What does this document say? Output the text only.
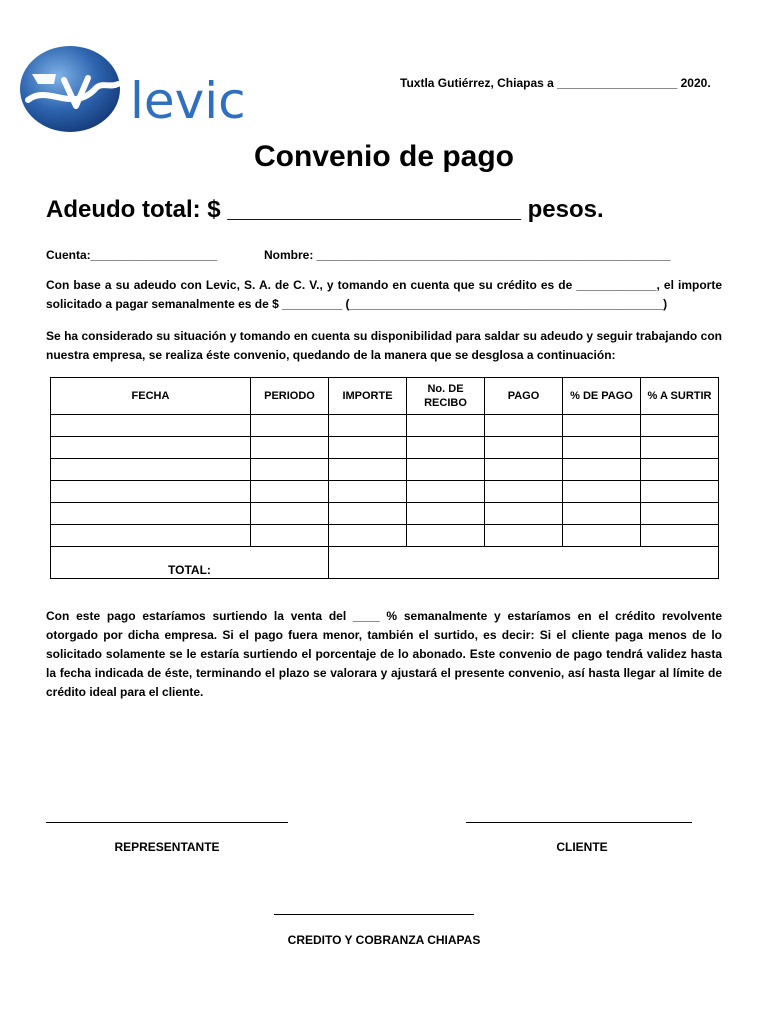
levic	Tuxtla Gutiérrez, Chiapas a __________________ 2020.
Convenio de pago
Adeudo total: $ ______________________ pesos.
Cuenta:___________________	Nombre: _____________________________________________________
Con base a su adeudo con Levic, S. A. de C. V., y tomando en cuenta que su crédito es de ____________, el importe solicitado a pagar semanalmente es de $ _________ (_______________________________________________)
Se ha considerado su situación y tomando en cuenta su disponibilidad para saldar su adeudo y seguir trabajando con nuestra empresa, se realiza éste convenio, quedando de la manera que se desglosa a continuación:
FECHA	PERIODO	IMPORTE	No. DE RECIBO	PAGO	% DE PAGO	% A SURTIR

TOTAL:						
Con este pago estaríamos surtiendo la venta del ____ % semanalmente y estaríamos en el crédito revolvente otorgado por dicha empresa. Si el pago fuera menor, también el surtido, es decir: Si el cliente paga menos de lo solicitado solamente se le estaría surtiendo el porcentaje de lo abonado. Este convenio de pago tendrá validez hasta la fecha indicada de éste, terminando el plazo se valorara y ajustará el presente convenio, así hasta llegar al límite de crédito ideal para el cliente.
REPRESENTANTE	CLIENTE
CREDITO Y COBRANZA CHIAPAS
